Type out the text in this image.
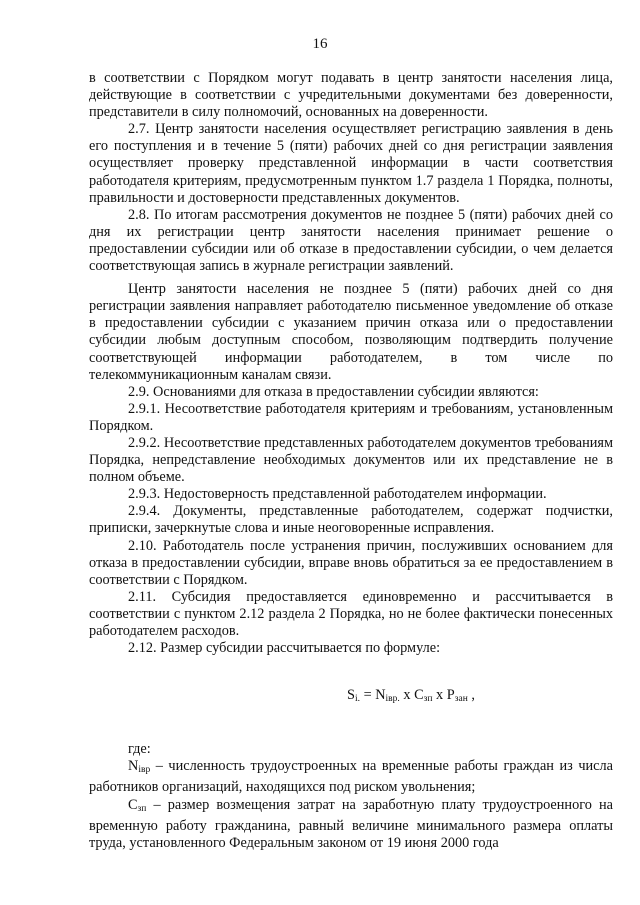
16

в соответствии с Порядком могут подавать в центр занятости населения лица, действующие в соответствии с учредительными документами без доверенности, представители в силу полномочий, основанных на доверенности.

2.7. Центр занятости населения осуществляет регистрацию заявления в день его поступления и в течение 5 (пяти) рабочих дней со дня регистрации заявления осуществляет проверку представленной информации в части соответствия работодателя критериям, предусмотренным пунктом 1.7 раздела 1 Порядка, полноты, правильности и достоверности представленных документов.

2.8. По итогам рассмотрения документов не позднее 5 (пяти) рабочих дней со дня их регистрации центр занятости населения принимает решение о предоставлении субсидии или об отказе в предоставлении субсидии, о чем делается соответствующая запись в журнале регистрации заявлений.

Центр занятости населения не позднее 5 (пяти) рабочих дней со дня регистрации заявления направляет работодателю письменное уведомление об отказе в предоставлении субсидии с указанием причин отказа или о предоставлении субсидии любым доступным способом, позволяющим подтвердить получение соответствующей информации работодателем, в том числе по телекоммуникационным каналам связи.

2.9. Основаниями для отказа в предоставлении субсидии являются:

2.9.1. Несоответствие работодателя критериям и требованиям, установленным Порядком.

2.9.2. Несоответствие представленных работодателем документов требованиям Порядка, непредставление необходимых документов или их представление не в полном объеме.

2.9.3. Недостоверность представленной работодателем информации.

2.9.4. Документы, представленные работодателем, содержат подчистки, приписки, зачеркнутые слова и иные неоговоренные исправления.

2.10. Работодатель после устранения причин, послуживших основанием для отказа в предоставлении субсидии, вправе вновь обратиться за ее предоставлением в соответствии с Порядком.

2.11. Субсидия предоставляется единовременно и рассчитывается в соответствии с пунктом 2.12 раздела 2 Порядка, но не более фактически понесенных работодателем расходов.

2.12. Размер субсидии рассчитывается по формуле:

$S_{i.} = N_{iвр.}$ х $C_{зп}$ х $P_{зан}$ ,

где:

$N_{iвр}$ – численность трудоустроенных на временные работы граждан из числа работников организаций, находящихся под риском увольнения;

$C_{зп}$ – размер возмещения затрат на заработную плату трудоустроенного на временную работу гражданина, равный величине минимального размера оплаты труда, установленного Федеральным законом от 19 июня 2000 года
